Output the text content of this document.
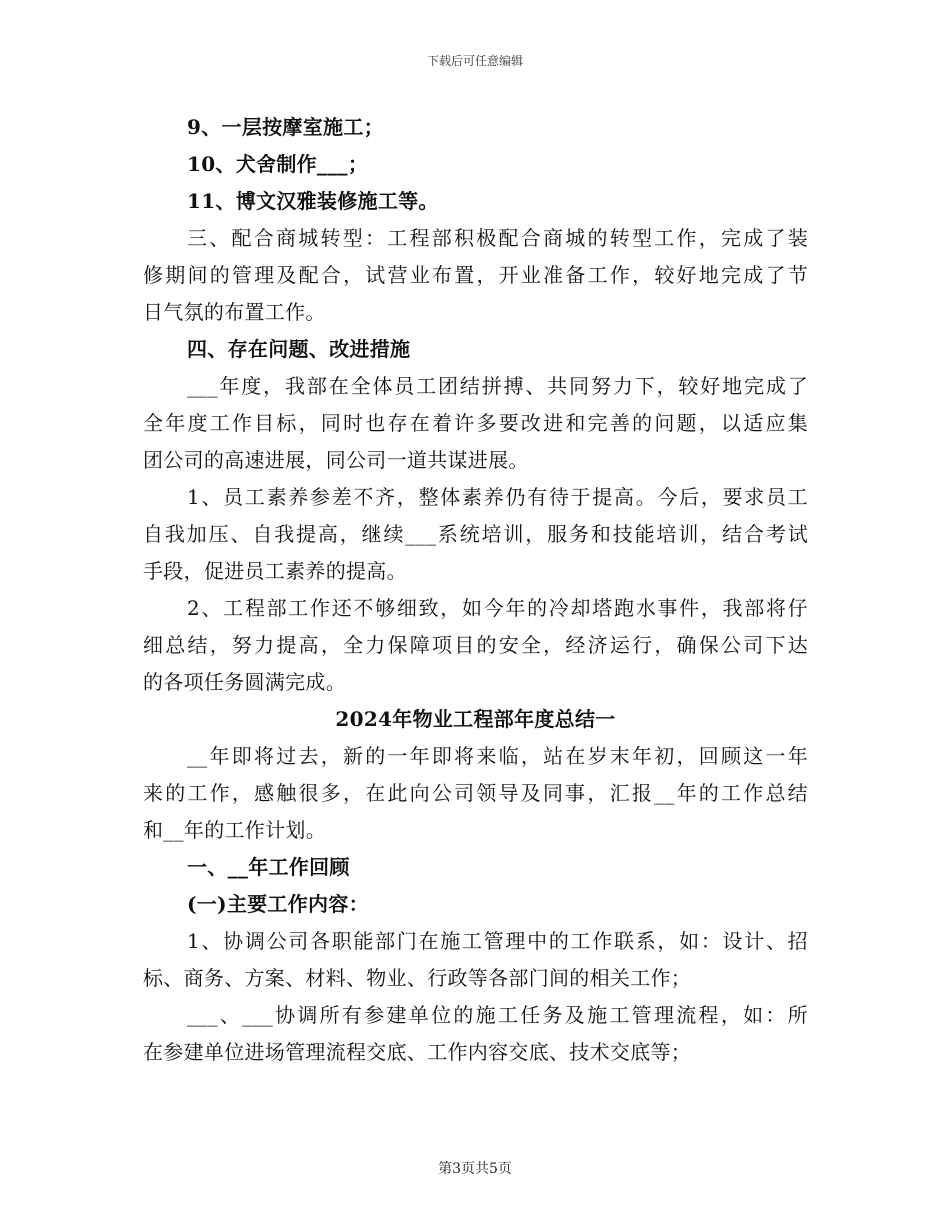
下载后可任意编辑
9、一层按摩室施工；
10、犬舍制作___；
11、博文汉雅装修施工等。
三、配合商城转型：工程部积极配合商城的转型工作，完成了装
修期间的管理及配合，试营业布置，开业准备工作，较好地完成了节
日气氛的布置工作。
四、存在问题、改进措施
___年度，我部在全体员工团结拼搏、共同努力下，较好地完成了
全年度工作目标，同时也存在着许多要改进和完善的问题，以适应集
团公司的高速进展，同公司一道共谋进展。
1、员工素养参差不齐，整体素养仍有待于提高。今后，要求员工
自我加压、自我提高，继续___系统培训，服务和技能培训，结合考试
手段，促进员工素养的提高。
2、工程部工作还不够细致，如今年的冷却塔跑水事件，我部将仔
细总结，努力提高，全力保障项目的安全，经济运行，确保公司下达
的各项任务圆满完成。
2024年物业工程部年度总结一
__年即将过去，新的一年即将来临，站在岁末年初，回顾这一年
来的工作，感触很多，在此向公司领导及同事，汇报__年的工作总结
和__年的工作计划。
一、__年工作回顾
(一)主要工作内容：
1、协调公司各职能部门在施工管理中的工作联系，如：设计、招
标、商务、方案、材料、物业、行政等各部门间的相关工作；
___、___协调所有参建单位的施工任务及施工管理流程，如：所
在参建单位进场管理流程交底、工作内容交底、技术交底等；
第3页共5页
